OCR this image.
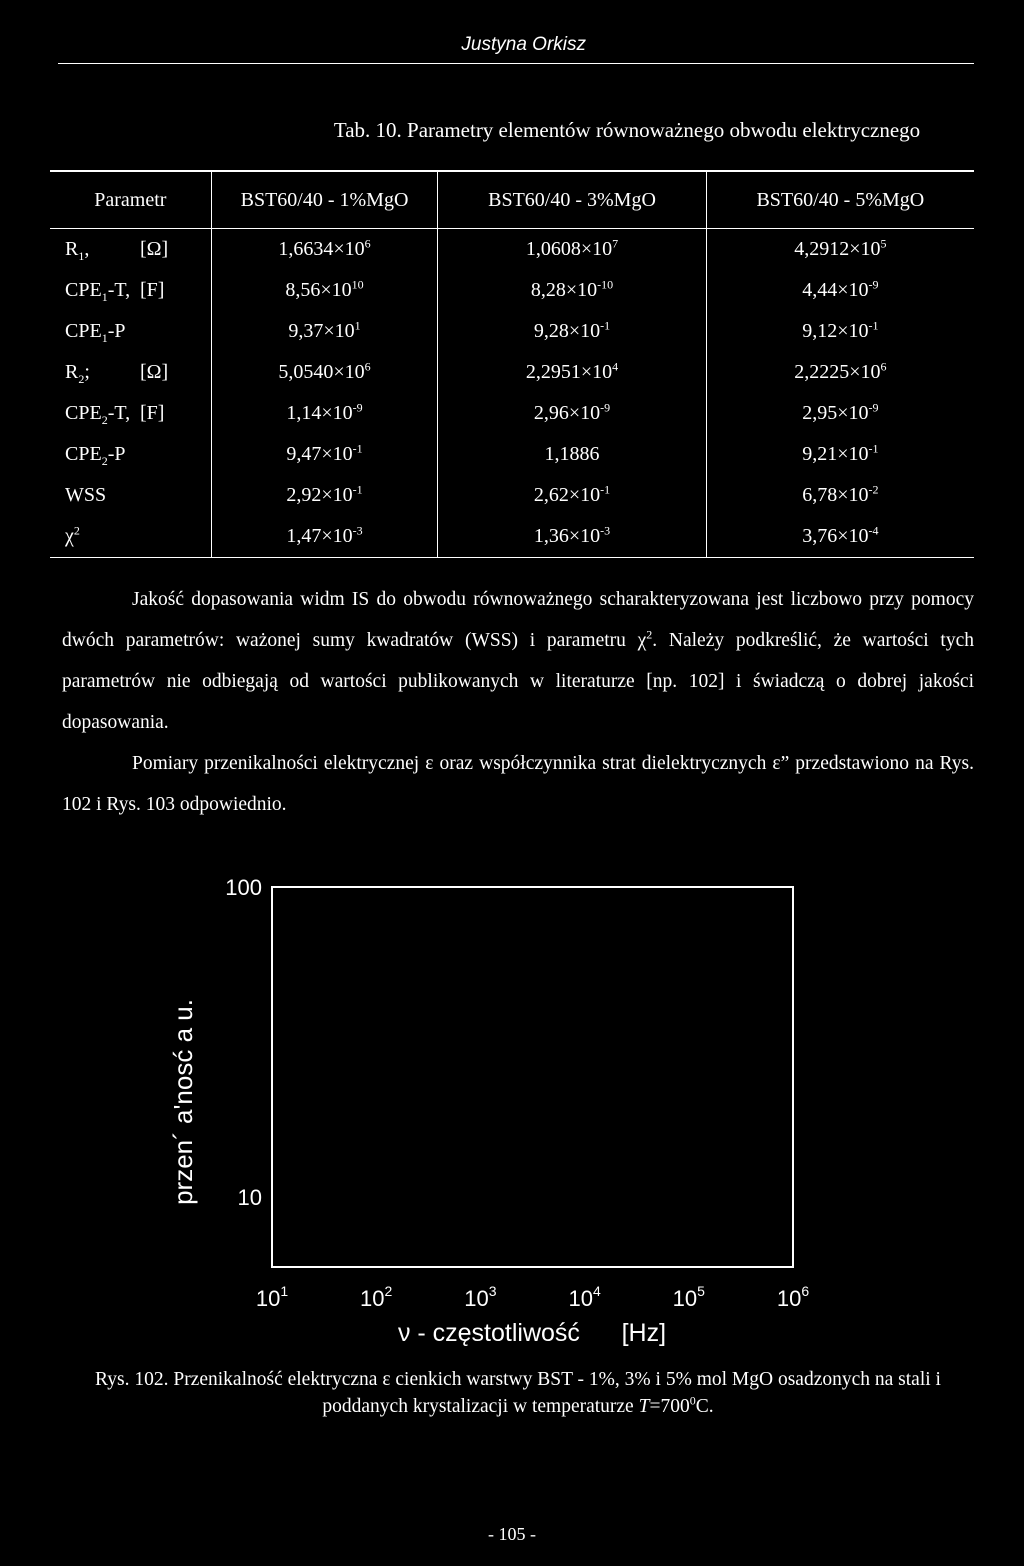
Justyna Orkisz
Tab. 10. Parametry elementów równoważnego obwodu elektrycznego
Parametr	BST60/40 - 1%MgO	BST60/40 - 3%MgO	BST60/40 - 5%MgO
$R_1$, [Ω]	$1,6634\times 10^6$	$1,0608\times 10^7$	$4,2912\times 10^5$
$CPE_1-T$, [F]	$8,56\times 10^{10}$	$8,28\times 10^{-10}$	$4,44\times 10^{-9}$
$CPE_1-P$	$9,37\times 10^1$	$9,28\times 10^{-1}$	$9,12\times 10^{-1}$
$R_2$; [Ω]	$5,0540\times 10^6$	$2,2951\times 10^4$	$2,2225\times 10^6$
$CPE_2-T$, [F]	$1,14\times 10^{-9}$	$2,96\times 10^{-9}$	$2,95\times 10^{-9}$
$CPE_2-P$	$9,47\times 10^{-1}$	1,1886	$9,21\times 10^{-1}$
WSS	$2,92\times 10^{-1}$	$2,62\times 10^{-1}$	$6,78\times 10^{-2}$
$\chi^2$	$1,47\times 10^{-3}$	$1,36\times 10^{-3}$	$3,76\times 10^{-4}$

Jakość dopasowania widm IS do obwodu równoważnego scharakteryzowana jest liczbowo przy pomocy dwóch parametrów: ważonej sumy kwadratów (WSS) i parametru $\chi^2$. Należy podkreślić, że wartości tych parametrów nie odbiegają od wartości publikowanych w literaturze [np. 102] i świadczą o dobrej jakości dopasowania.

Pomiary przenikalności elektrycznej ε oraz współczynnika strat dielektrycznych ε” przedstawiono na Rys. 102 i Rys. 103 odpowiednio.

10
100
$10^1$	$10^2$	$10^3$	$10^4$	$10^5$	$10^6$
przen´ a'nosć a u.
ν - częstotliwość      [Hz]
Rys. 102. Przenikalność elektryczna ε cienkich warstwy BST - 1%, 3% i 5% mol MgO osadzonych na stali i poddanych krystalizacji w temperaturze $T=700^0C$.
- 105 -
